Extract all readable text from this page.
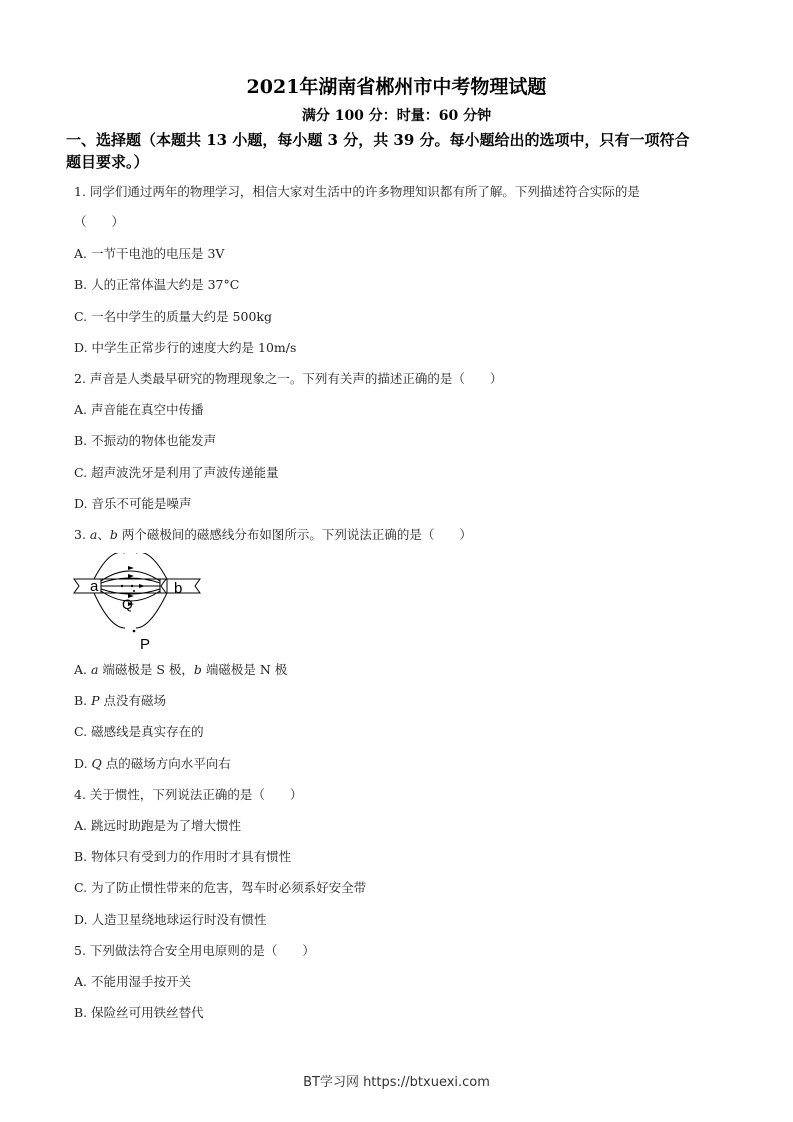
2021年湖南省郴州市中考物理试题
满分 100 分：时量：60 分钟
一、选择题（本题共 13 小题，每小题 3 分，共 39 分。每小题给出的选项中，只有一项符合
题目要求。）
1. 同学们通过两年的物理学习，相信大家对生活中的许多物理知识都有所了解。下列描述符合实际的是
（　　）
A. 一节干电池的电压是 3V
B. 人的正常体温大约是 37°C
C. 一名中学生的质量大约是 500kg
D. 中学生正常步行的速度大约是 10m/s
2. 声音是人类最早研究的物理现象之一。下列有关声的描述正确的是（　　）
A. 声音能在真空中传播
B. 不振动的物体也能发声
C. 超声波洗牙是利用了声波传递能量
D. 音乐不可能是噪声
3. a、b 两个磁极间的磁感线分布如图所示。下列说法正确的是（　　）
a	b
Q
P
A. a 端磁极是 S 极，b 端磁极是 N 极
B. P 点没有磁场
C. 磁感线是真实存在的
D. Q 点的磁场方向水平向右
4. 关于惯性，下列说法正确的是（　　）
A. 跳远时助跑是为了增大惯性
B. 物体只有受到力的作用时才具有惯性
C. 为了防止惯性带来的危害，驾车时必须系好安全带
D. 人造卫星绕地球运行时没有惯性
5. 下列做法符合安全用电原则的是（　　）
A. 不能用湿手按开关
B. 保险丝可用铁丝替代
BT学习网 https://btxuexi.com
